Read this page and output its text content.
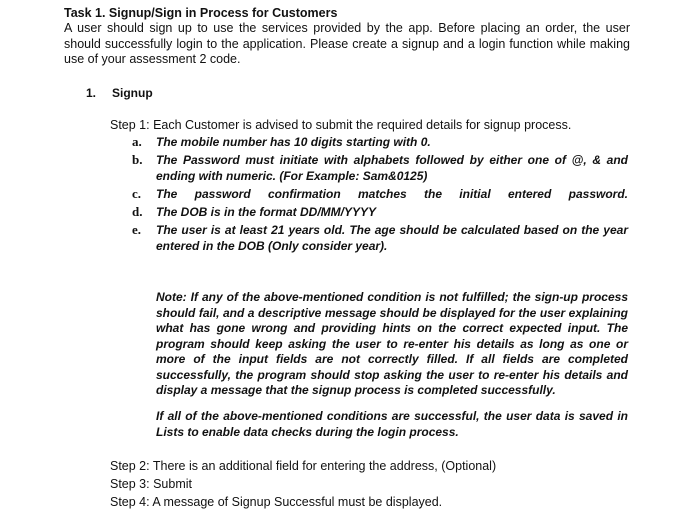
Task 1. Signup/Sign in Process for Customers
A user should sign up to use the services provided by the app. Before placing an order, the user should successfully login to the application. Please create a signup and a login function while making use of your assessment 2 code.
1. Signup
Step 1: Each Customer is advised to submit the required details for signup process.
a. The mobile number has 10 digits starting with 0.
b. The Password must initiate with alphabets followed by either one of @, & and ending with numeric. (For Example: Sam&0125)
c. The password confirmation matches the initial entered password.
d. The DOB is in the format DD/MM/YYYY
e. The user is at least 21 years old. The age should be calculated based on the year entered in the DOB (Only consider year).
Note: If any of the above-mentioned condition is not fulfilled; the sign-up process should fail, and a descriptive message should be displayed for the user explaining what has gone wrong and providing hints on the correct expected input. The program should keep asking the user to re-enter his details as long as one or more of the input fields are not correctly filled. If all fields are completed successfully, the program should stop asking the user to re-enter his details and display a message that the signup process is completed successfully.
If all of the above-mentioned conditions are successful, the user data is saved in Lists to enable data checks during the login process.
Step 2: There is an additional field for entering the address, (Optional)
Step 3: Submit
Step 4: A message of Signup Successful must be displayed.
